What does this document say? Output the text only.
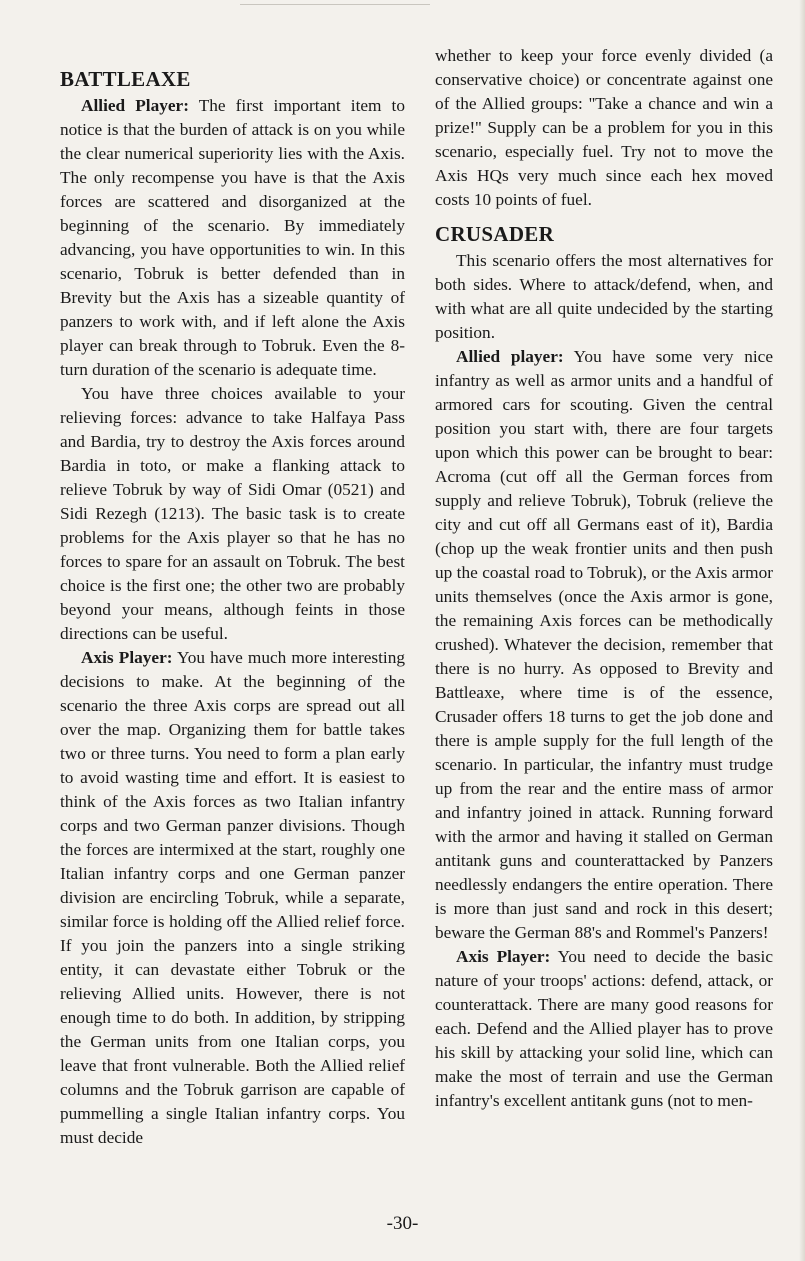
BATTLEAXE

Allied Player: The first important item to notice is that the burden of attack is on you while the clear numerical superiority lies with the Axis. The only recompense you have is that the Axis forces are scattered and disorganized at the beginning of the scenario. By immediately advancing, you have opportunities to win. In this scenario, Tobruk is better defended than in Brevity but the Axis has a sizeable quantity of panzers to work with, and if left alone the Axis player can break through to Tobruk. Even the 8-turn duration of the scenario is adequate time.

You have three choices available to your relieving forces: advance to take Halfaya Pass and Bardia, try to destroy the Axis forces around Bardia in toto, or make a flanking attack to relieve Tobruk by way of Sidi Omar (0521) and Sidi Rezegh (1213). The basic task is to create problems for the Axis player so that he has no forces to spare for an assault on Tobruk. The best choice is the first one; the other two are probably beyond your means, although feints in those directions can be useful.

Axis Player: You have much more interesting decisions to make. At the beginning of the scenario the three Axis corps are spread out all over the map. Organizing them for battle takes two or three turns. You need to form a plan early to avoid wasting time and effort. It is easiest to think of the Axis forces as two Italian infantry corps and two German panzer divisions. Though the forces are intermixed at the start, roughly one Italian infantry corps and one German panzer division are encircling Tobruk, while a separate, similar force is holding off the Allied relief force. If you join the panzers into a single striking entity, it can devastate either Tobruk or the relieving Allied units. However, there is not enough time to do both. In addition, by stripping the German units from one Italian corps, you leave that front vulnerable. Both the Allied relief columns and the Tobruk garrison are capable of pummelling a single Italian infantry corps. You must decide

whether to keep your force evenly divided (a conservative choice) or concentrate against one of the Allied groups: ''Take a chance and win a prize!'' Supply can be a problem for you in this scenario, especially fuel. Try not to move the Axis HQs very much since each hex moved costs 10 points of fuel.

CRUSADER

This scenario offers the most alternatives for both sides. Where to attack/defend, when, and with what are all quite undecided by the starting position.

Allied player: You have some very nice infantry as well as armor units and a handful of armored cars for scouting. Given the central position you start with, there are four targets upon which this power can be brought to bear: Acroma (cut off all the German forces from supply and relieve Tobruk), Tobruk (relieve the city and cut off all Germans east of it), Bardia (chop up the weak frontier units and then push up the coastal road to Tobruk), or the Axis armor units themselves (once the Axis armor is gone, the remaining Axis forces can be methodically crushed). Whatever the decision, remember that there is no hurry. As opposed to Brevity and Battleaxe, where time is of the essence, Crusader offers 18 turns to get the job done and there is ample supply for the full length of the scenario. In particular, the infantry must trudge up from the rear and the entire mass of armor and infantry joined in attack. Running forward with the armor and having it stalled on German antitank guns and counterattacked by Panzers needlessly endangers the entire operation. There is more than just sand and rock in this desert; beware the German 88's and Rommel's Panzers!

Axis Player: You need to decide the basic nature of your troops' actions: defend, attack, or counterattack. There are many good reasons for each. Defend and the Allied player has to prove his skill by attacking your solid line, which can make the most of terrain and use the German infantry's excellent antitank guns (not to men-

-30-
